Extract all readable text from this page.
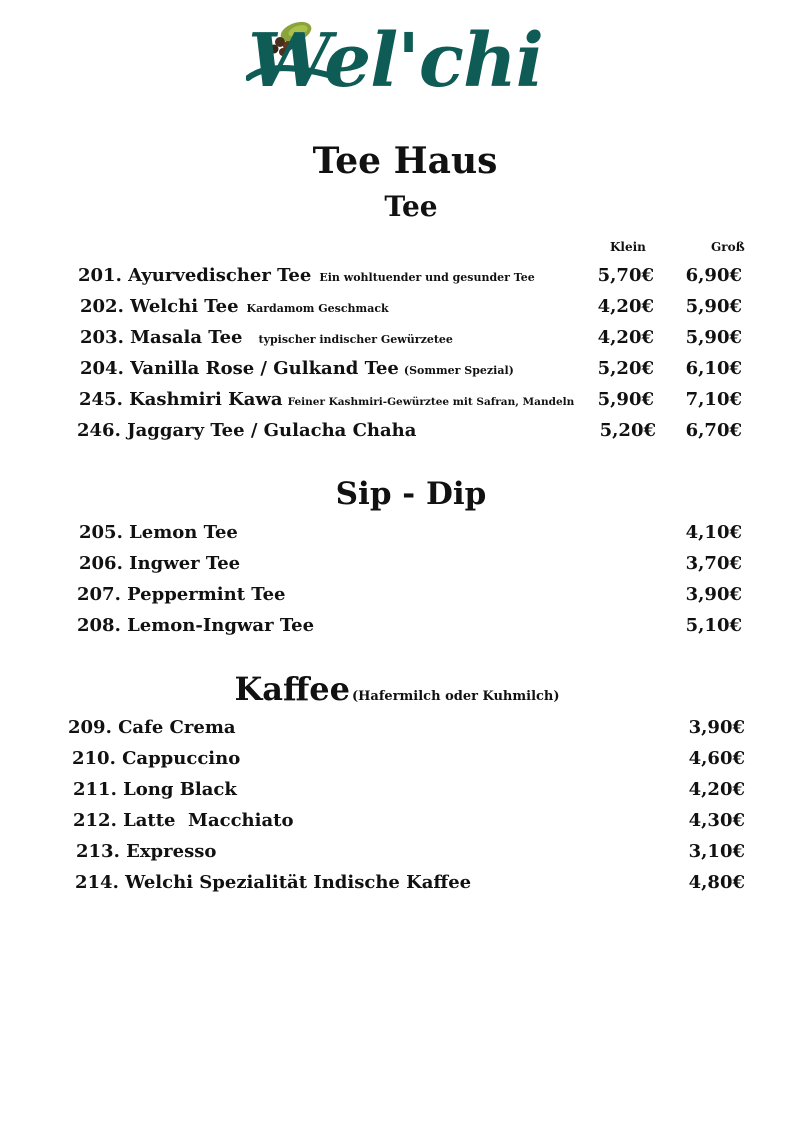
Wel'chi
Tee Haus
Tee
Klein	Groß
201. Ayurvedischer Tee Ein wohltuender und gesunder Tee	5,70€	6,90€
202. Welchi Tee Kardamom Geschmack	4,20€	5,90€
203. Masala Tee typischer indischer Gewürzetee	4,20€	5,90€
204. Vanilla Rose / Gulkand Tee (Sommer Spezial)	5,20€	6,10€
245. Kashmiri Kawa Feiner Kashmiri-Gewürztee mit Safran, Mandeln	5,90€	7,10€
246. Jaggary Tee / Gulacha Chaha	5,20€	6,70€
Sip - Dip
205. Lemon Tee	4,10€
206. Ingwer Tee	3,70€
207. Peppermint Tee	3,90€
208. Lemon-Ingwar Tee	5,10€
Kaffee (Hafermilch oder Kuhmilch)
209. Cafe Crema	3,90€
210. Cappuccino	4,60€
211. Long Black	4,20€
212. Latte  Macchiato	4,30€
213. Expresso	3,10€
214. Welchi Spezialität Indische Kaffee	4,80€
